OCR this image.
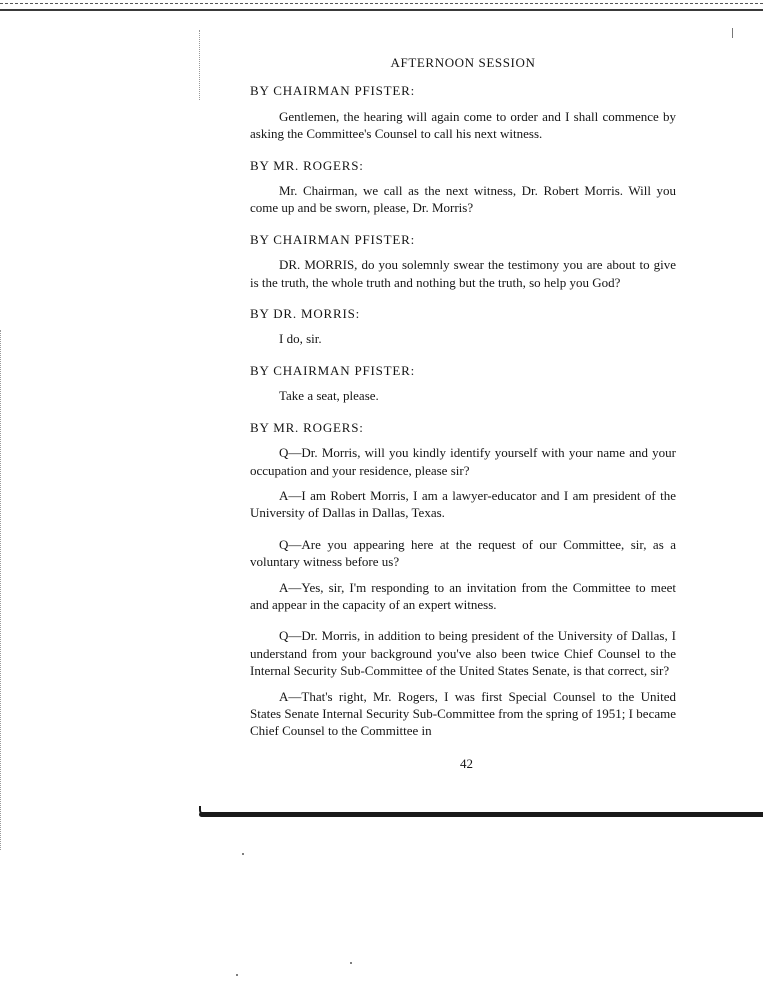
AFTERNOON SESSION
BY CHAIRMAN PFISTER:

Gentlemen, the hearing will again come to order and I shall commence by asking the Committee's Counsel to call his next witness.

BY MR. ROGERS:

Mr. Chairman, we call as the next witness, Dr. Robert Morris. Will you come up and be sworn, please, Dr. Morris?

BY CHAIRMAN PFISTER:

DR. MORRIS, do you solemnly swear the testimony you are about to give is the truth, the whole truth and nothing but the truth, so help you God?

BY DR. MORRIS:

I do, sir.

BY CHAIRMAN PFISTER:

Take a seat, please.

BY MR. ROGERS:

Q—Dr. Morris, will you kindly identify yourself with your name and your occupation and your residence, please sir?

A—I am Robert Morris, I am a lawyer-educator and I am president of the University of Dallas in Dallas, Texas.

Q—Are you appearing here at the request of our Committee, sir, as a voluntary witness before us?

A—Yes, sir, I'm responding to an invitation from the Committee to meet and appear in the capacity of an expert witness.

Q—Dr. Morris, in addition to being president of the University of Dallas, I understand from your background you've also been twice Chief Counsel to the Internal Security Sub-Committee of the United States Senate, is that correct, sir?

A—That's right, Mr. Rogers, I was first Special Counsel to the United States Senate Internal Security Sub-Committee from the spring of 1951; I became Chief Counsel to the Committee in

42
